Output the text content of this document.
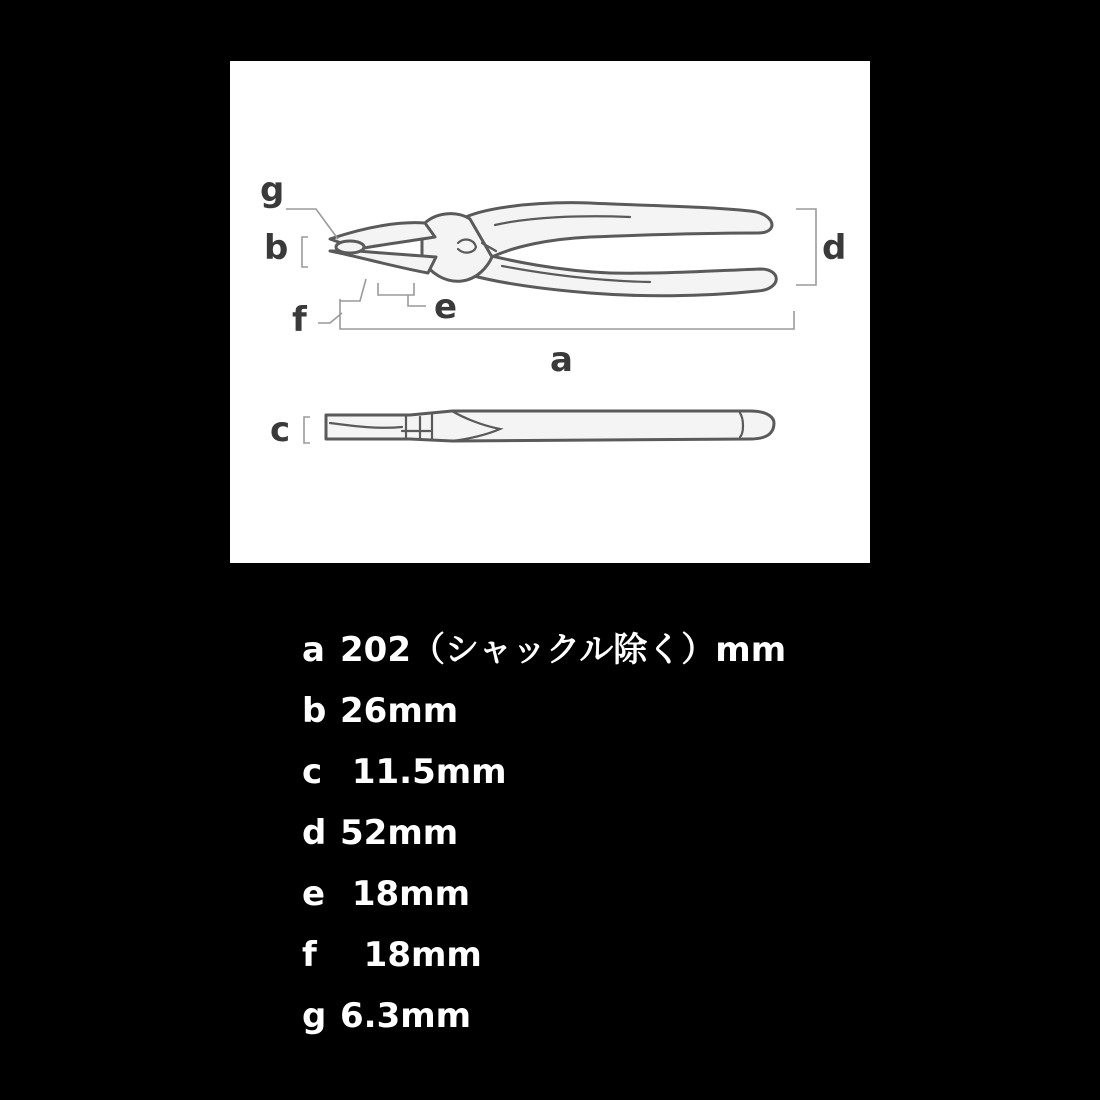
g
b	d
f	e
a
c
a 202（シャックル除く）mm
b 26mm
c 11.5mm
d 52mm
e 18mm
f  18mm
g 6.3mm
